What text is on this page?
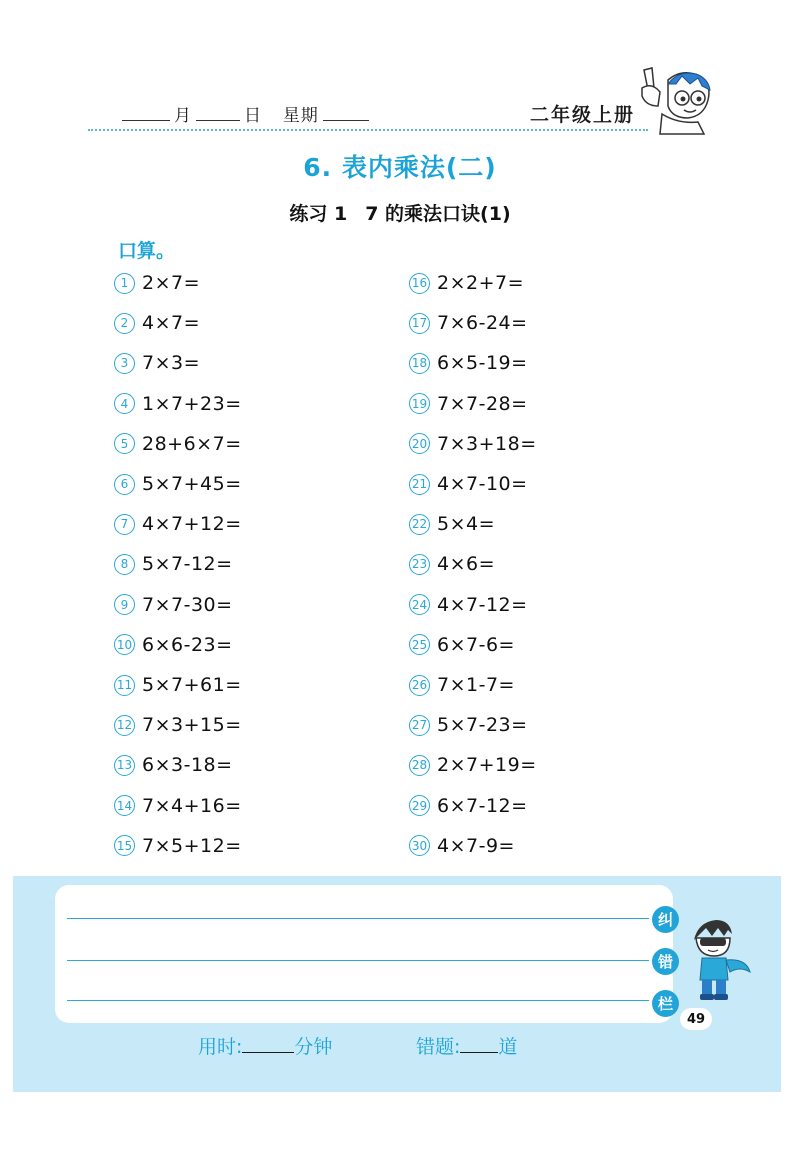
月	日 星期	二年级上册
6. 表内乘法(二)
练习 1 7 的乘法口诀(1)
口算。
1 2×7=
2 4×7=
3 7×3=
4 1×7+23=
5 28+6×7=
6 5×7+45=
7 4×7+12=
8 5×7-12=
9 7×7-30=
10 6×6-23=
11 5×7+61=
12 7×3+15=
13 6×3-18=
14 7×4+16=
15 7×5+12=
16 2×2+7=
17 7×6-24=
18 6×5-19=
19 7×7-28=
20 7×3+18=
21 4×7-10=
22 5×4=
23 4×6=
24 4×7-12=
25 6×7-6=
26 7×1-7=
27 5×7-23=
28 2×7+19=
29 6×7-12=
30 4×7-9=
纠
错
栏
49
用时:	分钟	错题: 道
